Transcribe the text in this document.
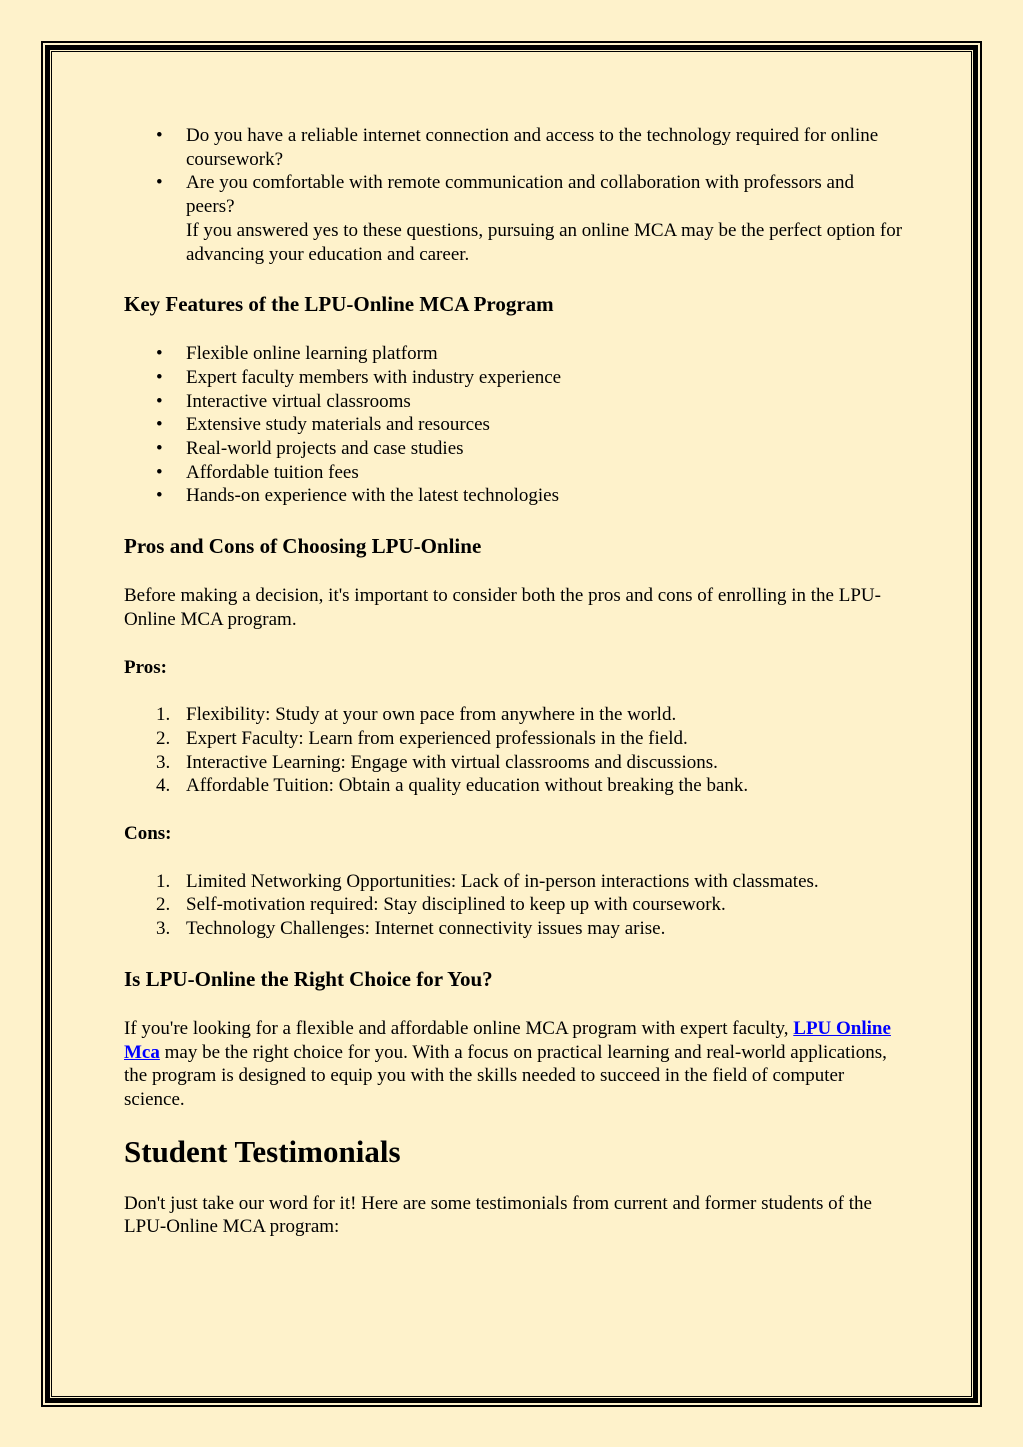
• Do you have a reliable internet connection and access to the technology required for online coursework?
• Are you comfortable with remote communication and collaboration with professors and peers?
If you answered yes to these questions, pursuing an online MCA may be the perfect option for advancing your education and career.
Key Features of the LPU-Online MCA Program
• Flexible online learning platform
• Expert faculty members with industry experience
• Interactive virtual classrooms
• Extensive study materials and resources
• Real-world projects and case studies
• Affordable tuition fees
• Hands-on experience with the latest technologies
Pros and Cons of Choosing LPU-Online

Before making a decision, it's important to consider both the pros and cons of enrolling in the LPU-Online MCA program.

Pros:

1. Flexibility: Study at your own pace from anywhere in the world.
2. Expert Faculty: Learn from experienced professionals in the field.
3. Interactive Learning: Engage with virtual classrooms and discussions.
4. Affordable Tuition: Obtain a quality education without breaking the bank.

Cons:

1. Limited Networking Opportunities: Lack of in-person interactions with classmates.
2. Self-motivation required: Stay disciplined to keep up with coursework.
3. Technology Challenges: Internet connectivity issues may arise.
Is LPU-Online the Right Choice for You?

If you're looking for a flexible and affordable online MCA program with expert faculty, LPU Online Mca may be the right choice for you. With a focus on practical learning and real-world applications, the program is designed to equip you with the skills needed to succeed in the field of computer science.

Student Testimonials

Don't just take our word for it! Here are some testimonials from current and former students of the LPU-Online MCA program:
